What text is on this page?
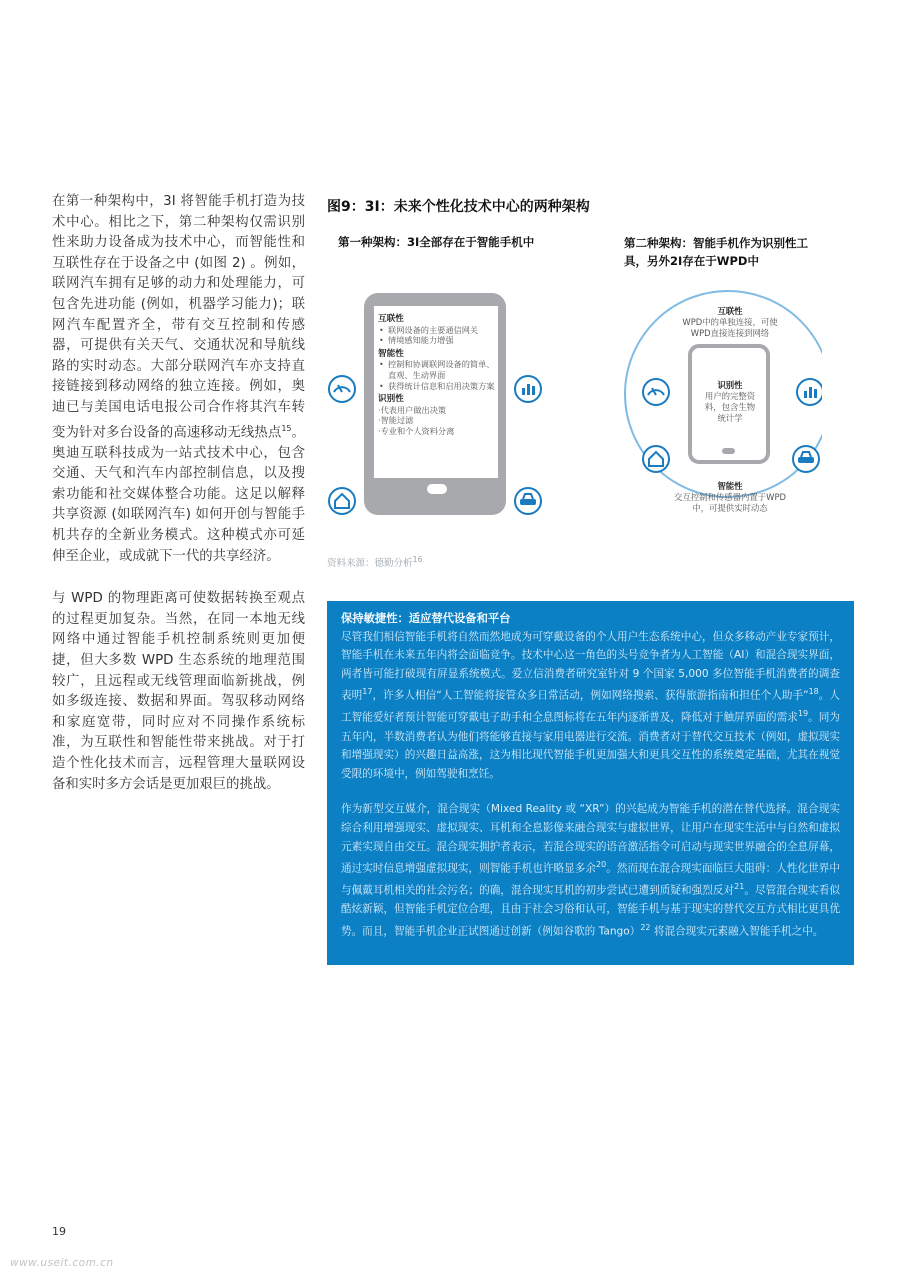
在第一种架构中，3I 将智能手机打造为技术中心。相比之下，第二种架构仅需识别性来助力设备成为技术中心，而智能性和互联性存在于设备之中 (如图 2) 。例如，联网汽车拥有足够的动力和处理能力，可包含先进功能 (例如，机器学习能力)；联网汽车配置齐全，带有交互控制和传感器，可提供有关天气、交通状况和导航线路的实时动态。大部分联网汽车亦支持直接链接到移动网络的独立连接。例如，奥迪已与美国电话电报公司合作将其汽车转变为针对多台设备的高速移动无线热点$^{15}$。奥迪互联科技成为一站式技术中心，包含交通、天气和汽车内部控制信息，以及搜索功能和社交媒体整合功能。这足以解释共享资源 (如联网汽车) 如何开创与智能手机共存的全新业务模式。这种模式亦可延伸至企业，或成就下一代的共享经济。

与 WPD 的物理距离可使数据转换至观点的过程更加复杂。当然，在同一本地无线网络中通过智能手机控制系统则更加便捷，但大多数 WPD 生态系统的地理范围较广，且远程或无线管理面临新挑战，例如多级连接、数据和界面。驾驭移动网络和家庭宽带，同时应对不同操作系统标准，为互联性和智能性带来挑战。对于打造个性化技术而言，远程管理大量联网设备和实时多方会话是更加艰巨的挑战。

图9：3I：未来个性化技术中心的两种架构
第一种架构：3I全部存在于智能手机中	第二种架构：智能手机作为识别性工具，另外2I存在于WPD中
互联性
• 联网设备的主要通信网关
• 情境感知能力增强
智能性
• 控制和协调联网设备的简单、直观、生动界面
• 获得统计信息和启用决策方案
识别性
·代表用户做出决策
·智能过滤
·专业和个人资料分离
互联性
WPD中的单独连接，可使WPD直接连接到网络
识别性
用户的完整资料，包含生物统计学
智能性
交互控制和传感器内置于WPD中，可提供实时动态
资料来源：德勤分析$^{16}$
保持敏捷性：适应替代设备和平台

尽管我们相信智能手机将自然而然地成为可穿戴设备的个人用户生态系统中心，但众多移动产业专家预计，智能手机在未来五年内将会面临竞争。技术中心这一角色的头号竞争者为人工智能（AI）和混合现实界面，两者皆可能打破现有屏显系统模式。爱立信消费者研究室针对 9 个国家 5,000 多位智能手机消费者的调查表明$^{17}$，许多人相信“人工智能将接管众多日常活动，例如网络搜索、获得旅游指南和担任个人助手”$^{18}$。人工智能爱好者预计智能可穿戴电子助手和全息图标将在五年内逐渐普及，降低对于触屏界面的需求$^{19}$。同为五年内，半数消费者认为他们将能够直接与家用电器进行交流。消费者对于替代交互技术（例如，虚拟现实和增强现实）的兴趣日益高涨，这为相比现代智能手机更加强大和更具交互性的系统奠定基础，尤其在视觉受限的环境中，例如驾驶和烹饪。

作为新型交互媒介，混合现实（Mixed Reality 或 “XR”）的兴起成为智能手机的潜在替代选择。混合现实综合利用增强现实、虚拟现实、耳机和全息影像来融合现实与虚拟世界，让用户在现实生活中与自然和虚拟元素实现自由交互。混合现实拥护者表示，若混合现实的语音激活指令可启动与现实世界融合的全息屏幕，通过实时信息增强虚拟现实，则智能手机也许略显多余$^{20}$。然而现在混合现实面临巨大阻碍：人性化世界中与佩戴耳机相关的社会污名；的确，混合现实耳机的初步尝试已遭到质疑和强烈反对$^{21}$。尽管混合现实看似酷炫新颖，但智能手机定位合理，且由于社会习俗和认可，智能手机与基于现实的替代交互方式相比更具优势。而且，智能手机企业正试图通过创新（例如谷歌的 Tango）$^{22}$ 将混合现实元素融入智能手机之中。

19
www.useit.com.cn
